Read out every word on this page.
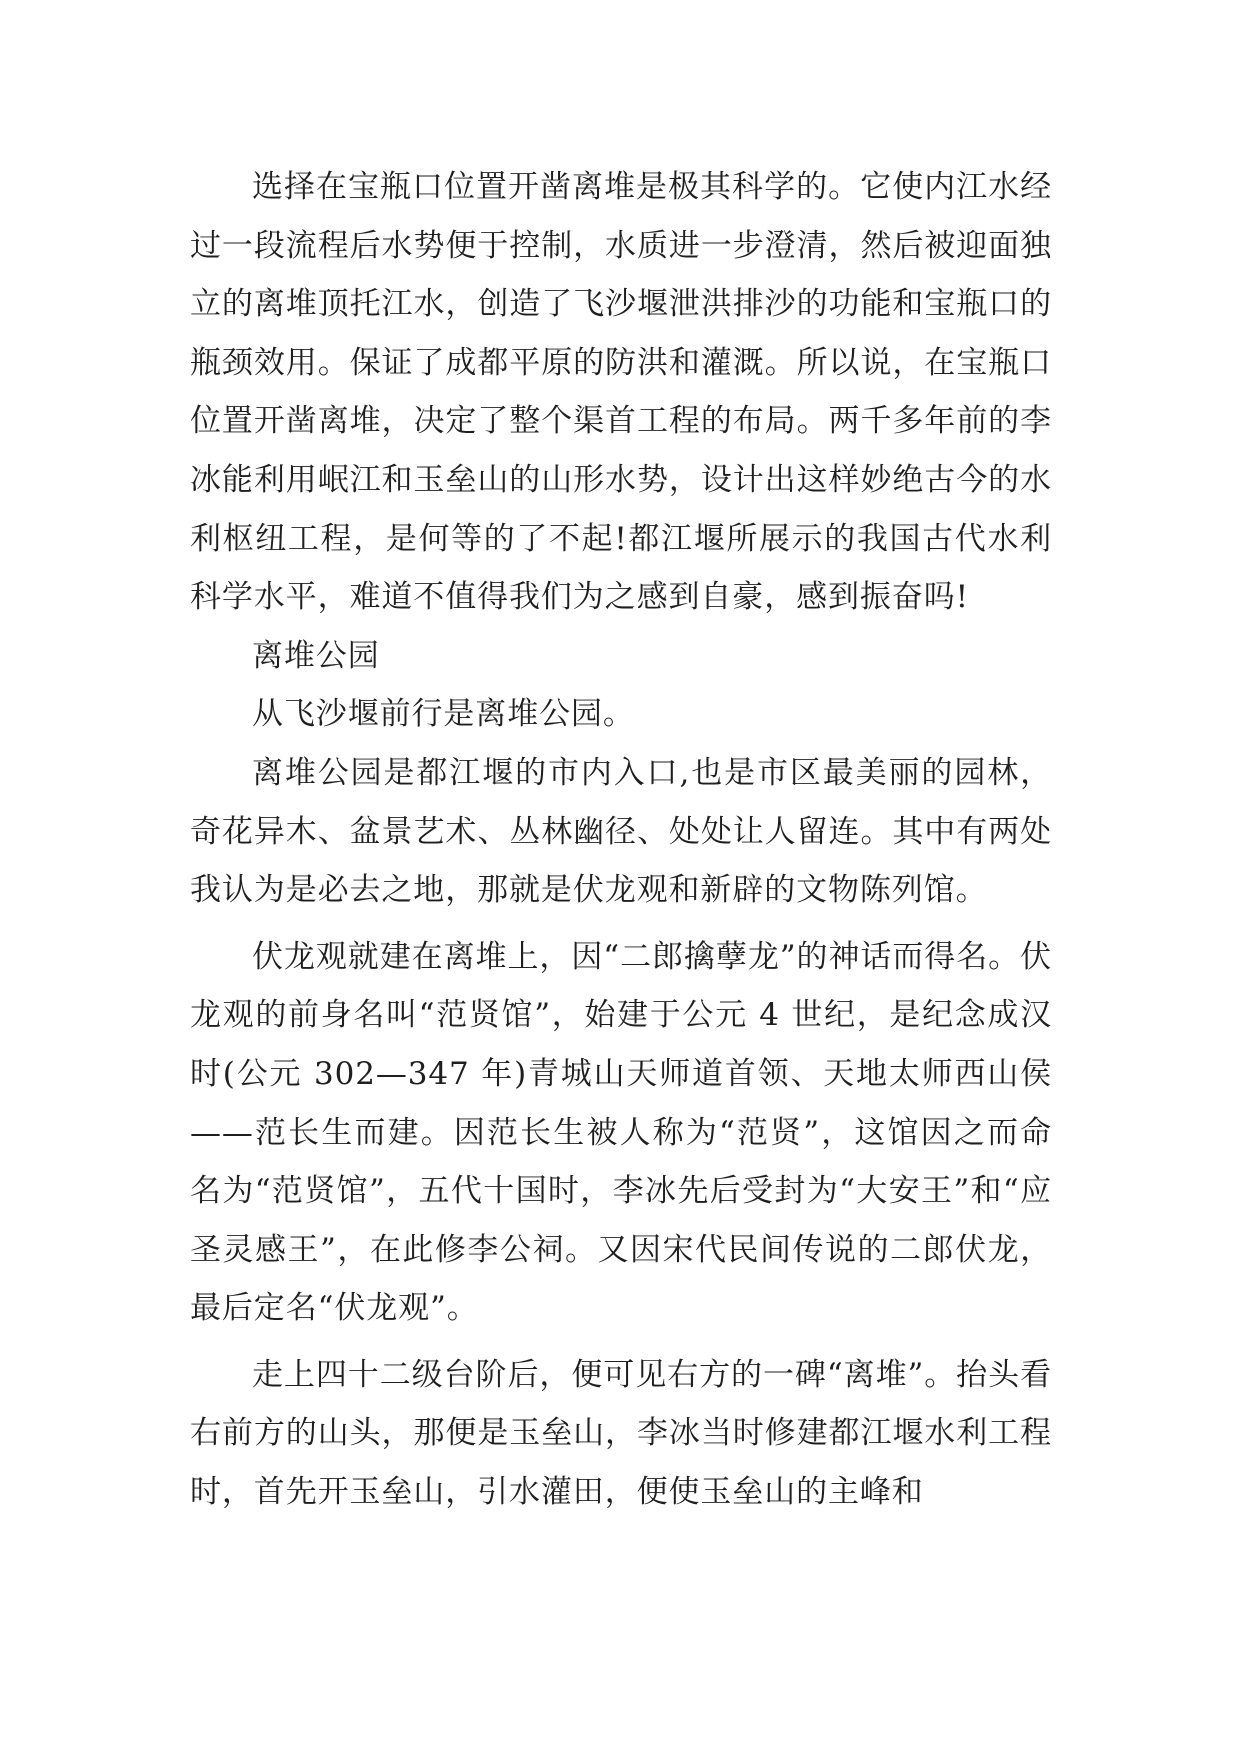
选择在宝瓶口位置开凿离堆是极其科学的。它使内江水经过一段流程后水势便于控制，水质进一步澄清，然后被迎面独立的离堆顶托江水，创造了飞沙堰泄洪排沙的功能和宝瓶口的瓶颈效用。保证了成都平原的防洪和灌溉。所以说，在宝瓶口位置开凿离堆，决定了整个渠首工程的布局。两千多年前的李冰能利用岷江和玉垒山的山形水势，设计出这样妙绝古今的水利枢纽工程，是何等的了不起!都江堰所展示的我国古代水利科学水平，难道不值得我们为之感到自豪，感到振奋吗!

离堆公园

从飞沙堰前行是离堆公园。

离堆公园是都江堰的市内入口,也是市区最美丽的园林，奇花异木、盆景艺术、丛林幽径、处处让人留连。其中有两处我认为是必去之地，那就是伏龙观和新辟的文物陈列馆。

伏龙观就建在离堆上，因“二郎擒孽龙”的神话而得名。伏龙观的前身名叫“范贤馆”，始建于公元 4 世纪，是纪念成汉时(公元 302—347 年)青城山天师道首领、天地太师西山侯——范长生而建。因范长生被人称为“范贤”，这馆因之而命名为“范贤馆”，五代十国时，李冰先后受封为“大安王”和“应圣灵感王”，在此修李公祠。又因宋代民间传说的二郎伏龙，最后定名“伏龙观”。

走上四十二级台阶后，便可见右方的一碑“离堆”。抬头看右前方的山头，那便是玉垒山，李冰当时修建都江堰水利工程时，首先开玉垒山，引水灌田，便使玉垒山的主峰和
